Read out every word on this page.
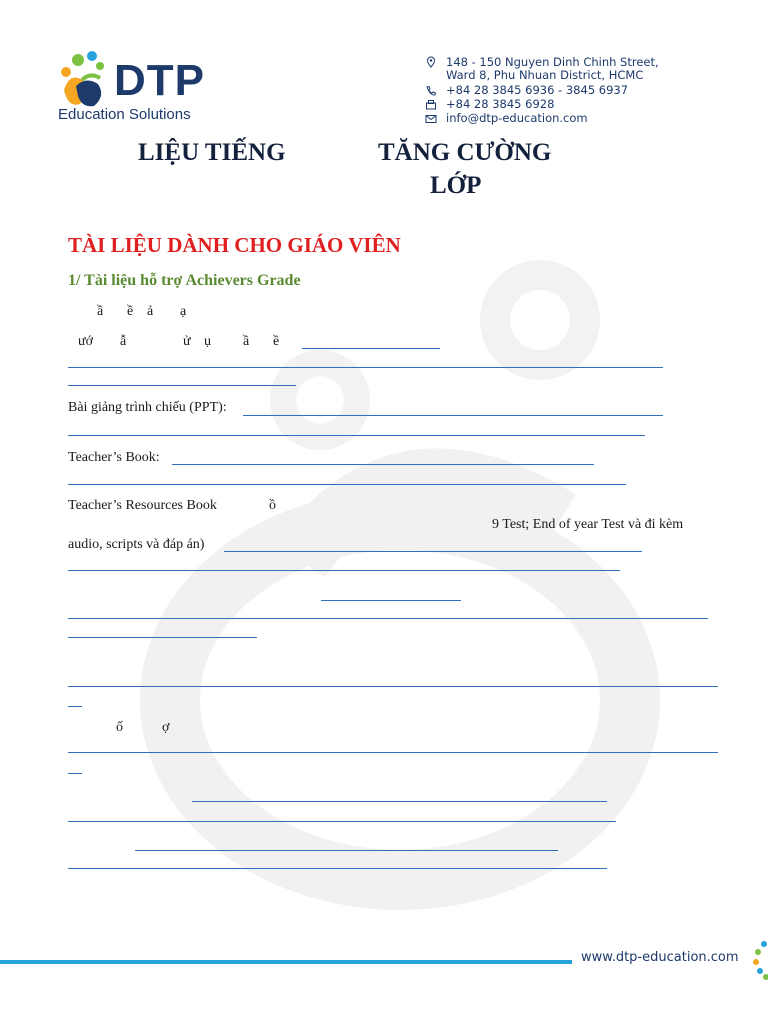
DTP
Education Solutions
148 - 150 Nguyen Dinh Chinh Street,
Ward 8, Phu Nhuan District, HCMC
+84 28 3845 6936 - 3845 6937
+84 28 3845 6928
info@dtp-education.com
LIỆU TIẾNG	TĂNG CƯỜNG
LỚP
TÀI LIỆU DÀNH CHO GIÁO VIÊN
1/ Tài liệu hỗ trợ Achievers Grade
ầ ề ả ạ
ướ ẫ	ử ụ ầ ề
Bài giảng trình chiếu (PPT):
Teacher’s Book:
Teacher’s Resources Book	ồ
9 Test; End of year Test và đi kèm
audio, scripts và đáp án)
ố	ợ
www.dtp-education.com
